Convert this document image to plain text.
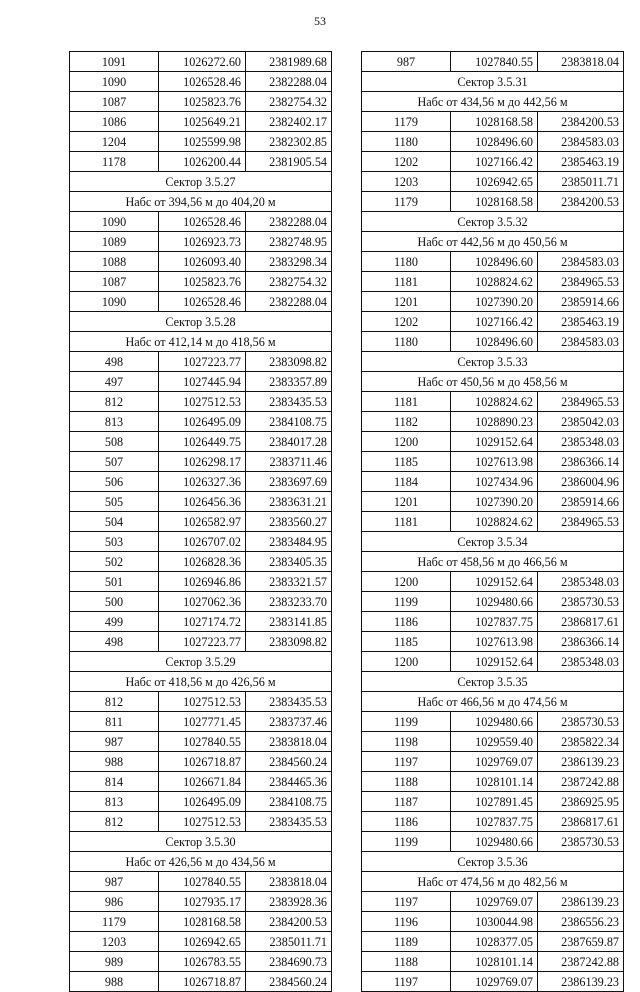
53
1091	1026272.60	2381989.68
1090	1026528.46	2382288.04
1087	1025823.76	2382754.32
1086	1025649.21	2382402.17
1204	1025599.98	2382302.85
1178	1026200.44	2381905.54
Сектор 3.5.27		
Набс от 394,56 м до 404,20 м		
1090	1026528.46	2382288.04
1089	1026923.73	2382748.95
1088	1026093.40	2383298.34
1087	1025823.76	2382754.32
1090	1026528.46	2382288.04
Сектор 3.5.28		
Набс от 412,14 м до 418,56 м		
498	1027223.77	2383098.82
497	1027445.94	2383357.89
812	1027512.53	2383435.53
813	1026495.09	2384108.75
508	1026449.75	2384017.28
507	1026298.17	2383711.46
506	1026327.36	2383697.69
505	1026456.36	2383631.21
504	1026582.97	2383560.27
503	1026707.02	2383484.95
502	1026828.36	2383405.35
501	1026946.86	2383321.57
500	1027062.36	2383233.70
499	1027174.72	2383141.85
498	1027223.77	2383098.82
Сектор 3.5.29		
Набс от 418,56 м до 426,56 м		
812	1027512.53	2383435.53
811	1027771.45	2383737.46
987	1027840.55	2383818.04
988	1026718.87	2384560.24
814	1026671.84	2384465.36
813	1026495.09	2384108.75
812	1027512.53	2383435.53
Сектор 3.5.30		
Набс от 426,56 м до 434,56 м		
987	1027840.55	2383818.04
986	1027935.17	2383928.36
1179	1028168.58	2384200.53
1203	1026942.65	2385011.71
989	1026783.55	2384690.73
988	1026718.87	2384560.24
987	1027840.55	2383818.04
Сектор 3.5.31		
Набс от 434,56 м до 442,56 м		
1179	1028168.58	2384200.53
1180	1028496.60	2384583.03
1202	1027166.42	2385463.19
1203	1026942.65	2385011.71
1179	1028168.58	2384200.53
Сектор 3.5.32		
Набс от 442,56 м до 450,56 м		
1180	1028496.60	2384583.03
1181	1028824.62	2384965.53
1201	1027390.20	2385914.66
1202	1027166.42	2385463.19
1180	1028496.60	2384583.03
Сектор 3.5.33		
Набс от 450,56 м до 458,56 м		
1181	1028824.62	2384965.53
1182	1028890.23	2385042.03
1200	1029152.64	2385348.03
1185	1027613.98	2386366.14
1184	1027434.96	2386004.96
1201	1027390.20	2385914.66
1181	1028824.62	2384965.53
Сектор 3.5.34		
Набс от 458,56 м до 466,56 м		
1200	1029152.64	2385348.03
1199	1029480.66	2385730.53
1186	1027837.75	2386817.61
1185	1027613.98	2386366.14
1200	1029152.64	2385348.03
Сектор 3.5.35		
Набс от 466,56 м до 474,56 м		
1199	1029480.66	2385730.53
1198	1029559.40	2385822.34
1197	1029769.07	2386139.23
1188	1028101.14	2387242.88
1187	1027891.45	2386925.95
1186	1027837.75	2386817.61
1199	1029480.66	2385730.53
Сектор 3.5.36		
Набс от 474,56 м до 482,56 м		
1197	1029769.07	2386139.23
1196	1030044.98	2386556.23
1189	1028377.05	2387659.87
1188	1028101.14	2387242.88
1197	1029769.07	2386139.23
